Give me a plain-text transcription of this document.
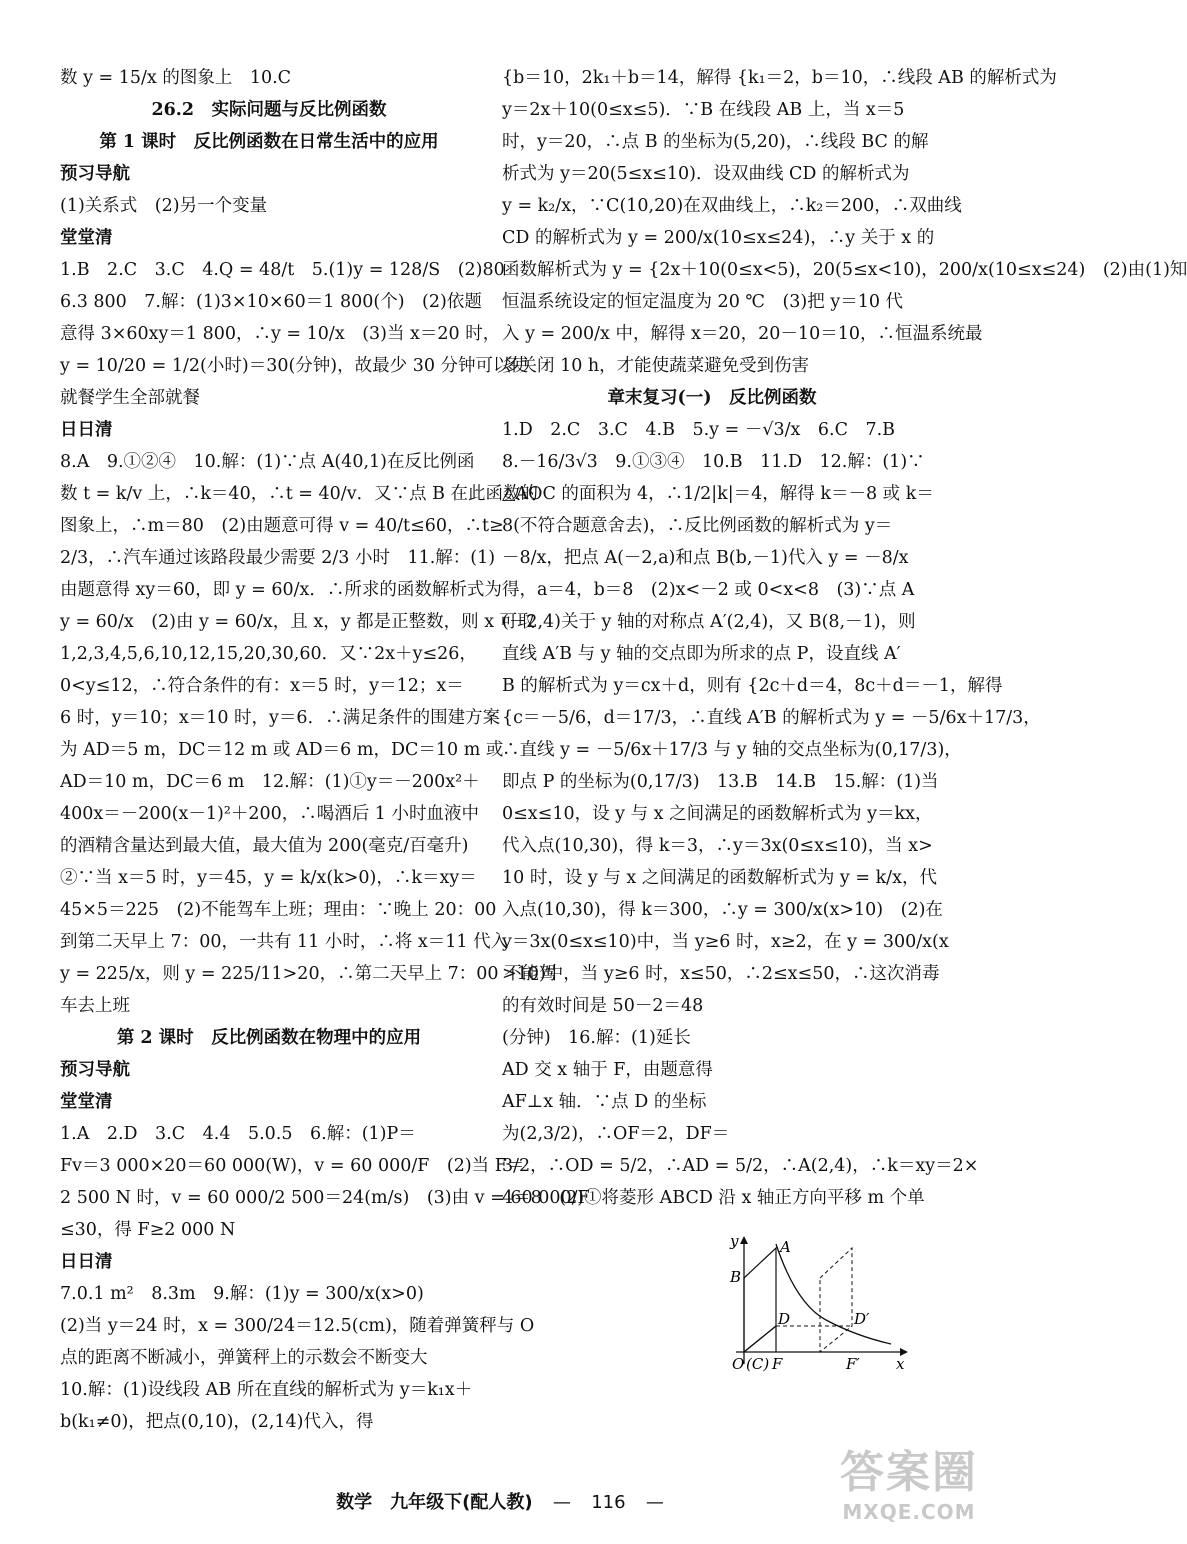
数 y = 15/x 的图象上　10.C
26.2　实际问题与反比例函数
第 1 课时　反比例函数在日常生活中的应用
预习导航
(1)关系式　(2)另一个变量
堂堂清
1.B　2.C　3.C　4.Q = 48/t　5.(1)y = 128/S　(2)80
6.3 800　7.解：(1)3×10×60＝1 800(个)　(2)依题
意得 3×60xy＝1 800，∴y = 10/x　(3)当 x＝20 时，
y = 10/20 = 1/2(小时)＝30(分钟)，故最少 30 分钟可以使
就餐学生全部就餐
日日清
8.A　9.①②④　10.解：(1)∵点 A(40,1)在反比例函
数 t = k/v 上，∴k＝40，∴t = 40/v．又∵点 B 在此函数的
图象上，∴m＝80　(2)由题意可得 v = 40/t≤60，∴t≥
2/3，∴汽车通过该路段最少需要 2/3 小时　11.解：(1)
由题意得 xy＝60，即 y = 60/x．∴所求的函数解析式为
y = 60/x　(2)由 y = 60/x，且 x，y 都是正整数，则 x 可取
1,2,3,4,5,6,10,12,15,20,30,60．又∵2x＋y≤26，
0<y≤12，∴符合条件的有：x＝5 时，y＝12；x＝
6 时，y＝10；x＝10 时，y＝6．∴满足条件的围建方案
为 AD＝5 m，DC＝12 m 或 AD＝6 m，DC＝10 m 或
AD＝10 m，DC＝6 m　12.解：(1)①y＝－200x²＋
400x＝－200(x－1)²＋200，∴喝酒后 1 小时血液中
的酒精含量达到最大值，最大值为 200(毫克/百毫升)
②∵当 x＝5 时，y＝45，y = k/x(k>0)，∴k＝xy＝
45×5＝225　(2)不能驾车上班；理由：∵晚上 20：00
到第二天早上 7：00，一共有 11 小时，∴将 x＝11 代入
y = 225/x，则 y = 225/11>20，∴第二天早上 7：00 不能驾
车去上班
第 2 课时　反比例函数在物理中的应用
预习导航
堂堂清
1.A　2.D　3.C　4.4　5.0.5　6.解：(1)P＝
Fv＝3 000×20＝60 000(W)，v = 60 000/F　(2)当 F＝
2 500 N 时，v = 60 000/2 500＝24(m/s)　(3)由 v = 60 000/F
≤30，得 F≥2 000 N
日日清
7.0.1 m²　8.3m　9.解：(1)y = 300/x(x>0)
(2)当 y＝24 时，x = 300/24＝12.5(cm)，随着弹簧秤与 O
点的距离不断减小，弹簧秤上的示数会不断变大
10.解：(1)设线段 AB 所在直线的解析式为 y＝k₁x＋
b(k₁≠0)，把点(0,10)，(2,14)代入，得
{b＝10，2k₁＋b＝14，解得 {k₁＝2，b＝10，∴线段 AB 的解析式为
y＝2x＋10(0≤x≤5)．∵B 在线段 AB 上，当 x＝5
时，y＝20，∴点 B 的坐标为(5,20)，∴线段 BC 的解
析式为 y＝20(5≤x≤10)．设双曲线 CD 的解析式为
y = k₂/x，∵C(10,20)在双曲线上，∴k₂＝200，∴双曲线
CD 的解析式为 y = 200/x(10≤x≤24)，∴y 关于 x 的
函数解析式为 y = {2x＋10(0≤x<5)，20(5≤x<10)，200/x(10≤x≤24)　(2)由(1)知
恒温系统设定的恒定温度为 20 ℃　(3)把 y＝10 代
入 y = 200/x 中，解得 x＝20，20－10＝10，∴恒温系统最
多关闭 10 h，才能使蔬菜避免受到伤害
章末复习(一)　反比例函数
1.D　2.C　3.C　4.B　5.y = －√3/x　6.C　7.B
8.－16/3√3　9.①③④　10.B　11.D　12.解：(1)∵
△AOC 的面积为 4，∴1/2|k|＝4，解得 k＝－8 或 k＝
8(不符合题意舍去)，∴反比例函数的解析式为 y＝
－8/x，把点 A(－2,a)和点 B(b,－1)代入 y = －8/x
得，a＝4，b＝8　(2)x<－2 或 0<x<8　(3)∵点 A
(－2,4)关于 y 轴的对称点 A′(2,4)，又 B(8,－1)，则
直线 A′B 与 y 轴的交点即为所求的点 P，设直线 A′
B 的解析式为 y＝cx＋d，则有 {2c＋d＝4，8c＋d＝－1，解得
{c＝－5/6，d＝17/3，∴直线 A′B 的解析式为 y = －5/6x＋17/3，
∴直线 y = －5/6x＋17/3 与 y 轴的交点坐标为(0,17/3)，
即点 P 的坐标为(0,17/3)　13.B　14.B　15.解：(1)当
0≤x≤10，设 y 与 x 之间满足的函数解析式为 y＝kx，
代入点(10,30)，得 k＝3，∴y＝3x(0≤x≤10)，当 x>
10 时，设 y 与 x 之间满足的函数解析式为 y = k/x，代
入点(10,30)，得 k＝300，∴y = 300/x(x>10)　(2)在
y＝3x(0≤x≤10)中，当 y≥6 时，x≥2，在 y = 300/x(x
>10)中，当 y≥6 时，x≤50，∴2≤x≤50，∴这次消毒
的有效时间是 50－2＝48
(分钟)　16.解：(1)延长
AD 交 x 轴于 F，由题意得
AF⊥x 轴．∵点 D 的坐标
为(2,3/2)，∴OF＝2，DF＝
3/2，∴OD = 5/2，∴AD = 5/2，∴A(2,4)，∴k＝xy＝2×
4＝8　(2)①将菱形 ABCD 沿 x 轴正方向平移 m 个单
y	A
B
D	D′
O (C) F	F′ x
数学　九年级下(配人教) — 116 —
答案圈
MXQE.COM
